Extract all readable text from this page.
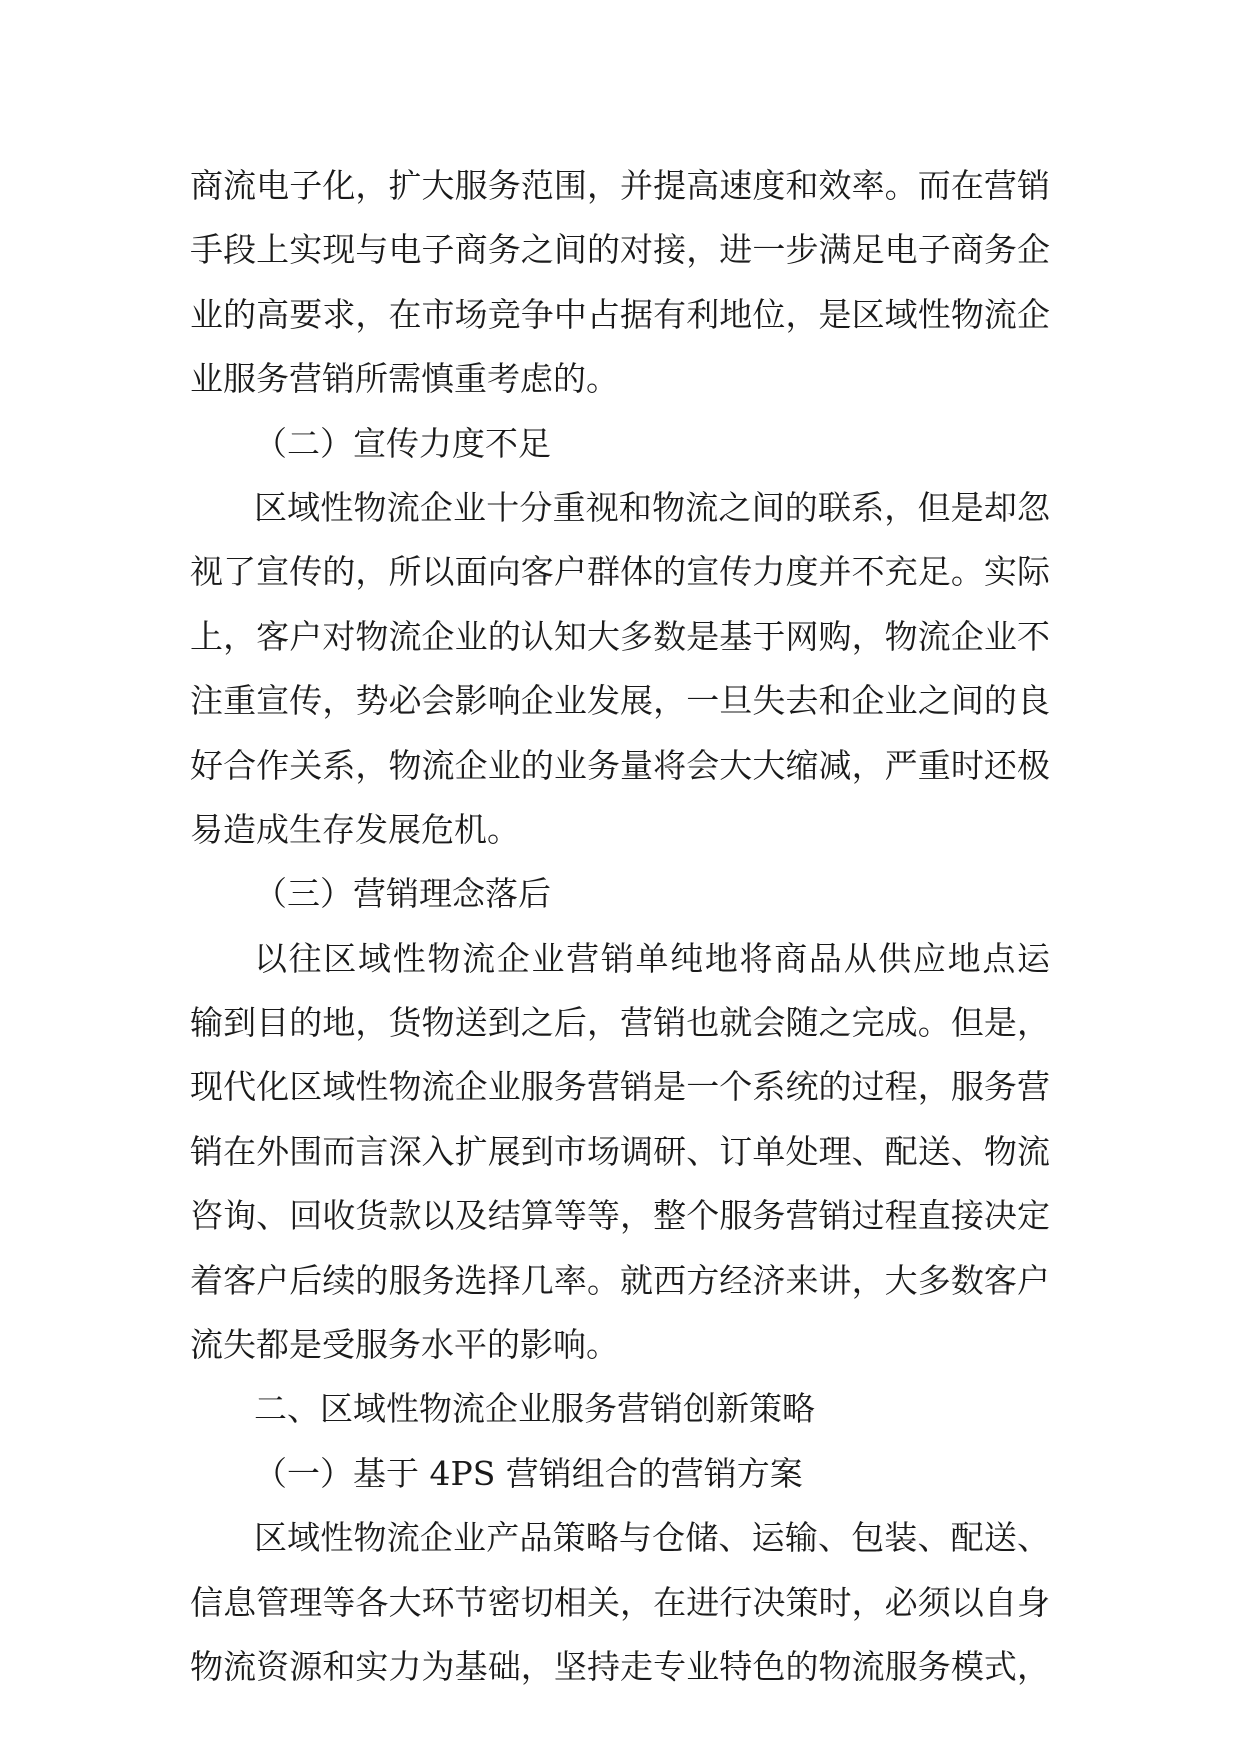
商流电子化，扩大服务范围，并提高速度和效率。而在营销
手段上实现与电子商务之间的对接，进一步满足电子商务企
业的高要求，在市场竞争中占据有利地位，是区域性物流企
业服务营销所需慎重考虑的。
（二）宣传力度不足
区域性物流企业十分重视和物流之间的联系，但是却忽
视了宣传的，所以面向客户群体的宣传力度并不充足。实际
上，客户对物流企业的认知大多数是基于网购，物流企业不
注重宣传，势必会影响企业发展，一旦失去和企业之间的良
好合作关系，物流企业的业务量将会大大缩减，严重时还极
易造成生存发展危机。
（三）营销理念落后
以往区域性物流企业营销单纯地将商品从供应地点运
输到目的地，货物送到之后，营销也就会随之完成。但是，
现代化区域性物流企业服务营销是一个系统的过程，服务营
销在外围而言深入扩展到市场调研、订单处理、配送、物流
咨询、回收货款以及结算等等，整个服务营销过程直接决定
着客户后续的服务选择几率。就西方经济来讲，大多数客户
流失都是受服务水平的影响。
二、区域性物流企业服务营销创新策略
（一）基于 4PS 营销组合的营销方案
区域性物流企业产品策略与仓储、运输、包装、配送、
信息管理等各大环节密切相关，在进行决策时，必须以自身
物流资源和实力为基础，坚持走专业特色的物流服务模式，
